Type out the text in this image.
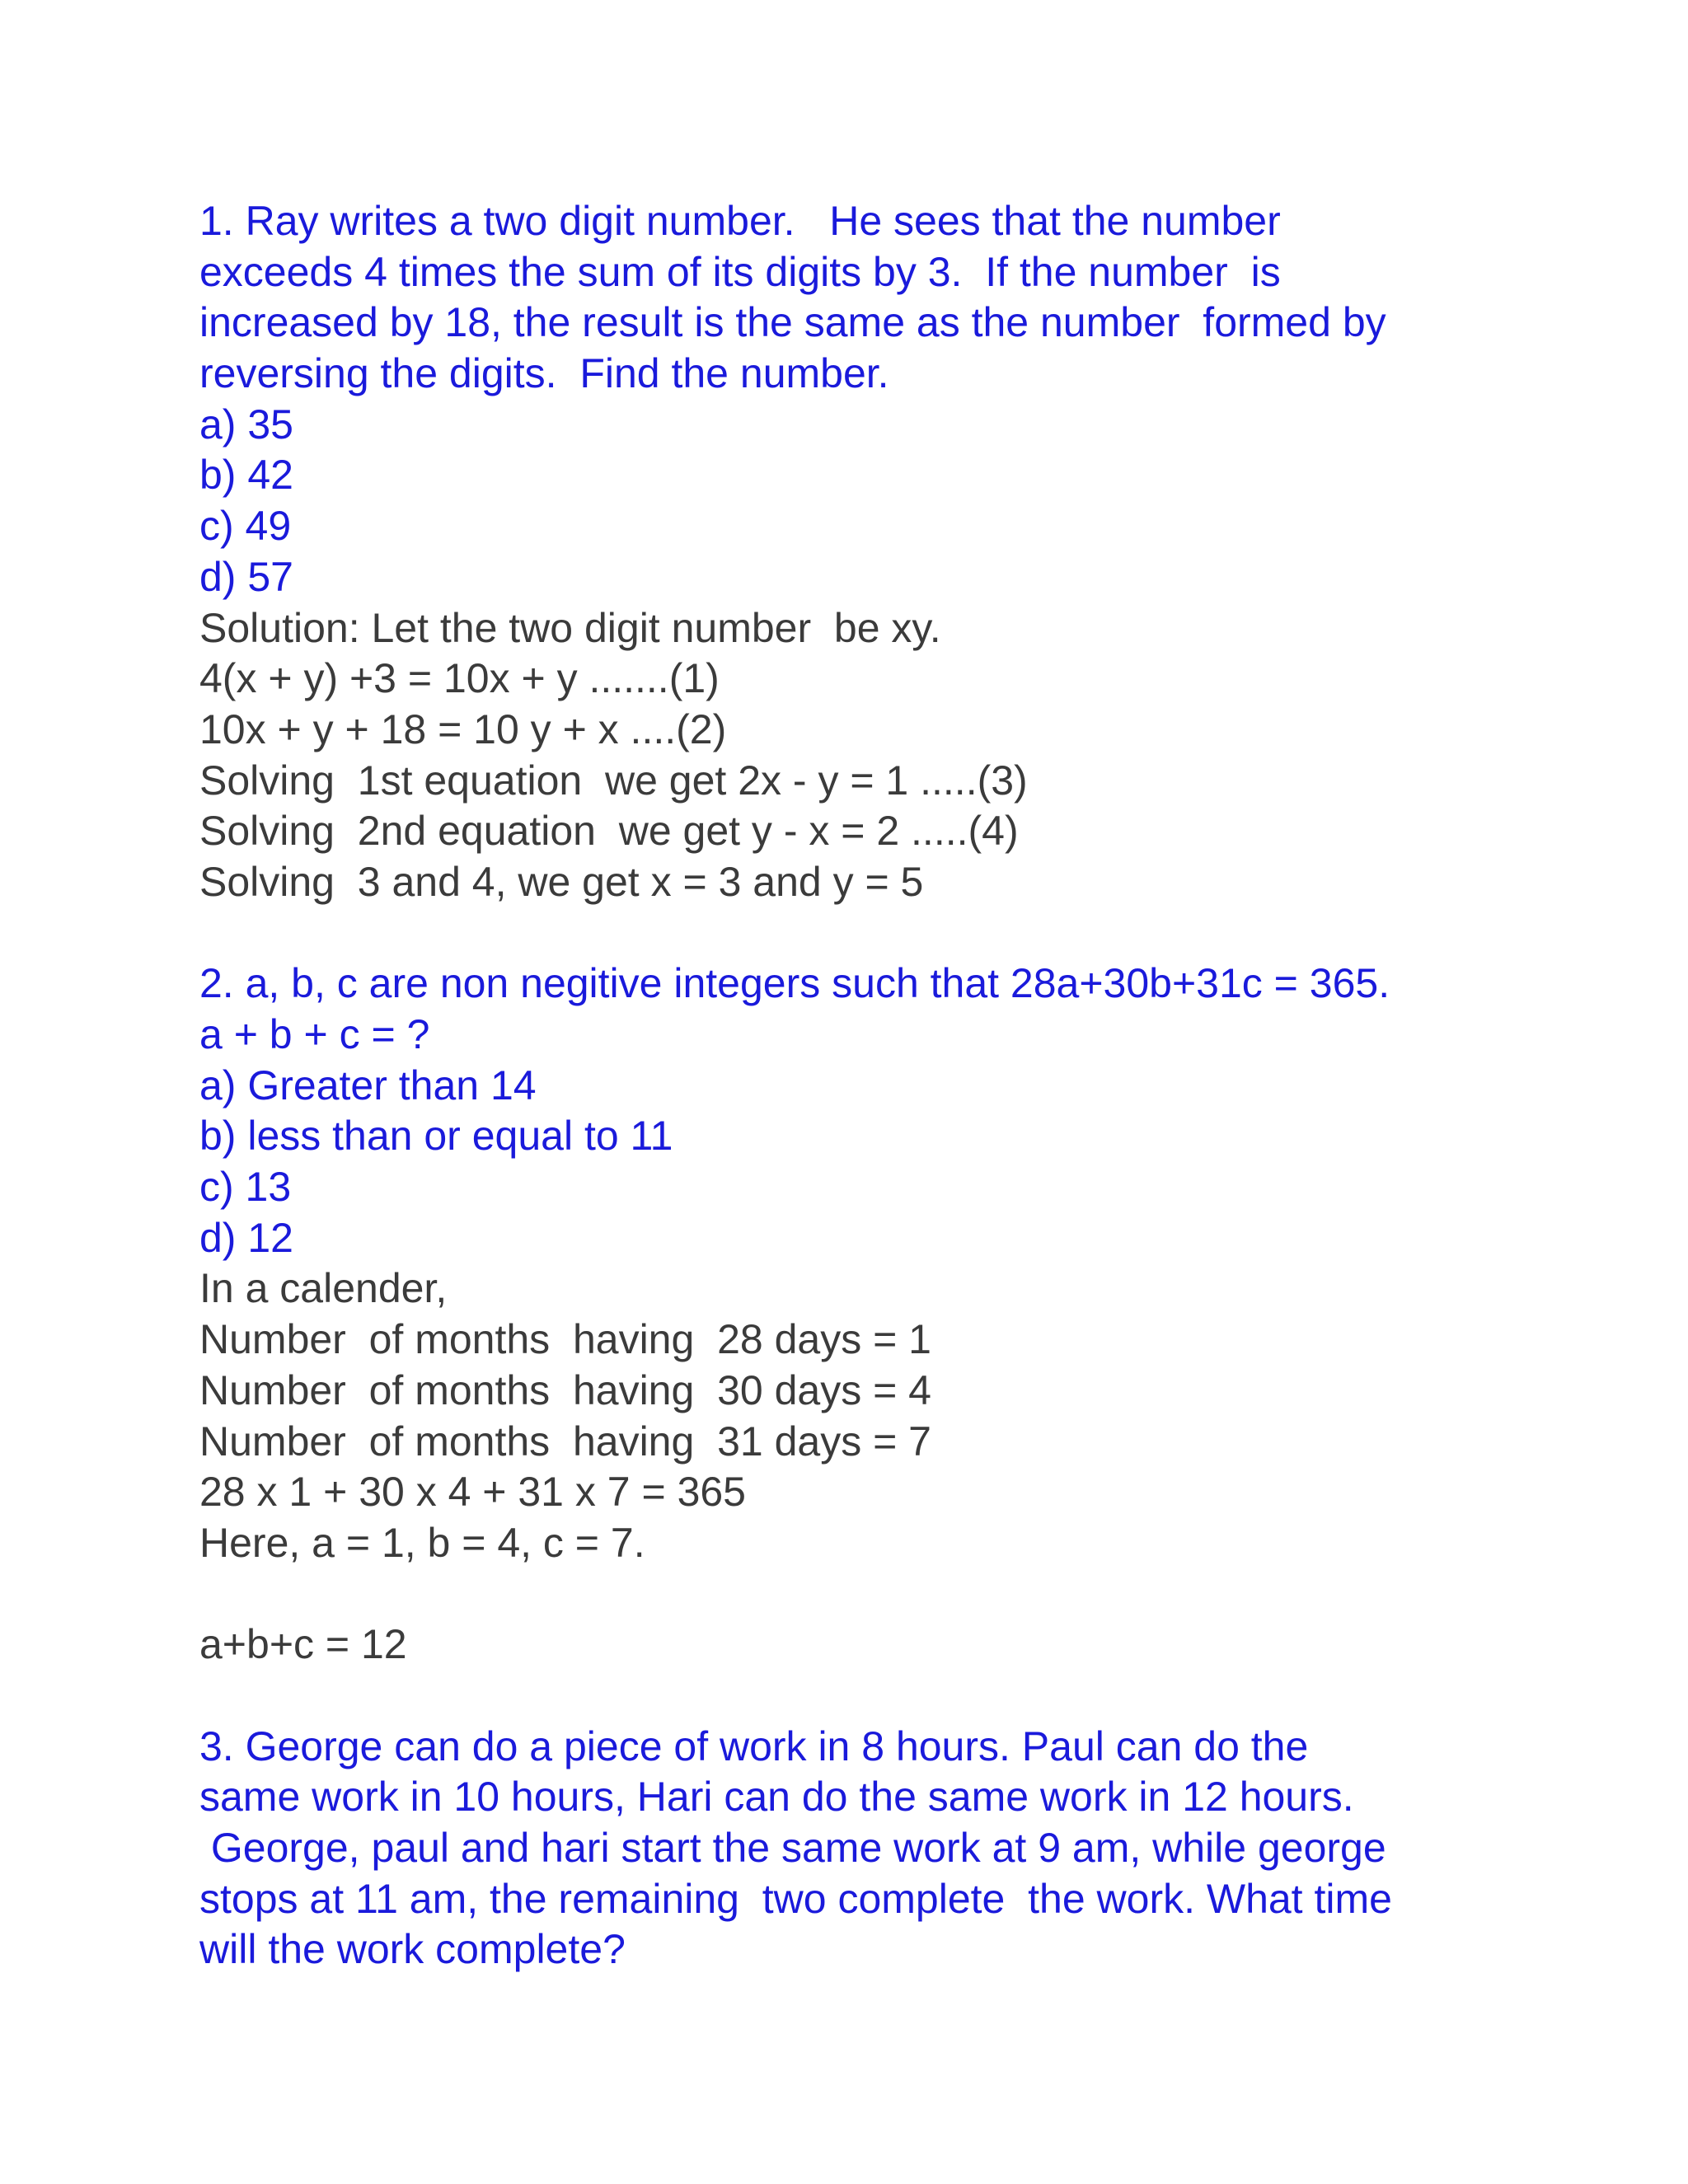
1. Ray writes a two digit number.   He sees that the number
exceeds 4 times the sum of its digits by 3.  If the number  is
increased by 18, the result is the same as the number  formed by
reversing the digits.  Find the number.
a) 35
b) 42
c) 49
d) 57
Solution: Let the two digit number  be xy.
4(x + y) +3 = 10x + y .......(1)
10x + y + 18 = 10 y + x ....(2)
Solving  1st equation  we get 2x - y = 1 .....(3)
Solving  2nd equation  we get y - x = 2 .....(4)
Solving  3 and 4, we get x = 3 and y = 5
2. a, b, c are non negitive integers such that 28a+30b+31c = 365.
a + b + c = ?
a) Greater than 14
b) less than or equal to 11
c) 13
d) 12
In a calender,
Number  of months  having  28 days = 1
Number  of months  having  30 days = 4
Number  of months  having  31 days = 7
28 x 1 + 30 x 4 + 31 x 7 = 365
Here, a = 1, b = 4, c = 7.
a+b+c = 12
3. George can do a piece of work in 8 hours. Paul can do the
same work in 10 hours, Hari can do the same work in 12 hours.
George, paul and hari start the same work at 9 am, while george
stops at 11 am, the remaining  two complete  the work. What time
will the work complete?
